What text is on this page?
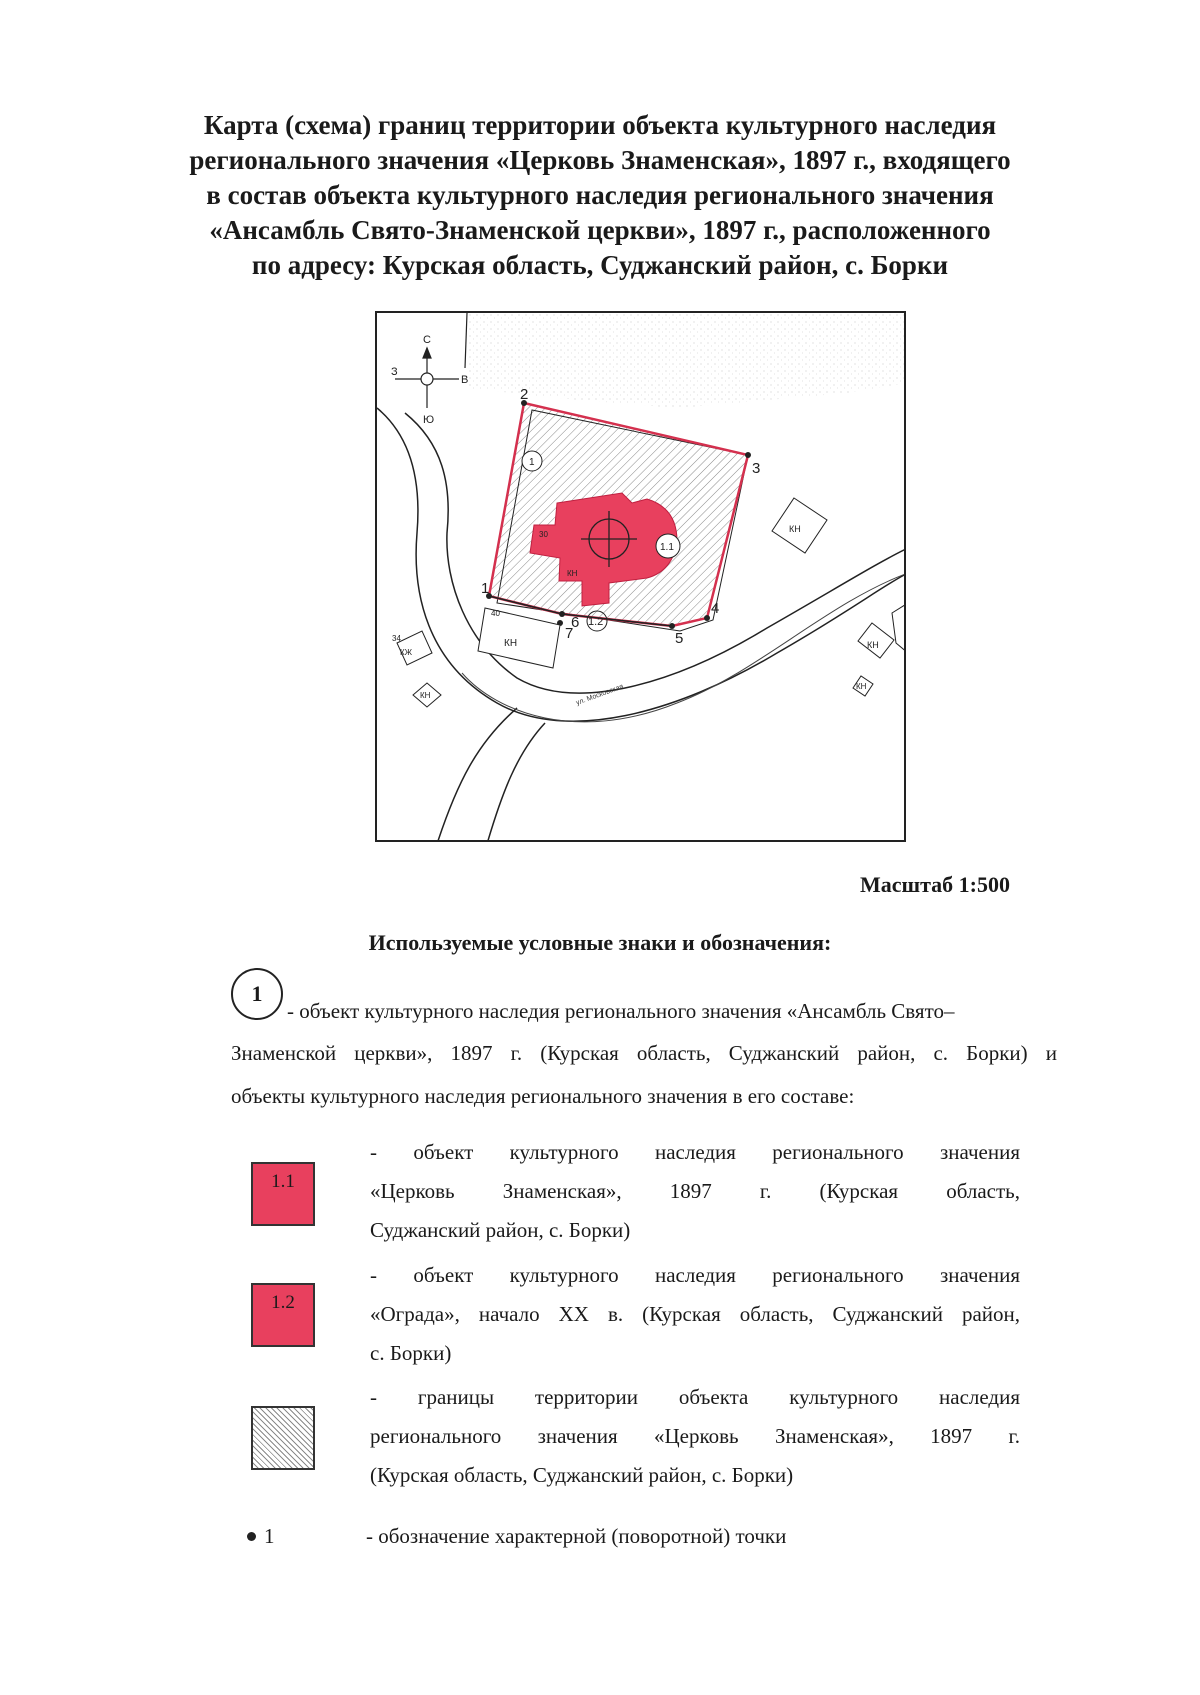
Карта (схема) границ территории объекта культурного наследия
регионального значения «Церковь Знаменская», 1897 г., входящего
в состав объекта культурного наследия регионального значения
«Ансамбль Свято-Знаменской церкви», 1897 г., расположенного
по адресу: Курская область, Суджанский район, с. Борки
С
Ю
З
В
1.1
1
30
КН
1.2
1
2
3
4
5
6
7
40
КН
КН
34
КЖ
КН
КН
КН
ул. Московская
Масштаб 1:500
Используемые условные знаки и обозначения:
1
- объект культурного наследия регионального значения «Ансамбль Свято–
Знаменской церкви», 1897 г. (Курская область, Суджанский район, с. Борки) и
объекты культурного наследия регионального значения в его составе:
1.1
- объект культурного наследия регионального значения
«Церковь Знаменская», 1897 г. (Курская область,
Суджанский район, с. Борки)
1.2
- объект культурного наследия регионального значения
«Ограда», начало XX в. (Курская область, Суджанский район,
с. Борки)
- границы территории объекта культурного наследия
регионального значения «Церковь Знаменская», 1897 г.
(Курская область, Суджанский район, с. Борки)
1	- обозначение характерной (поворотной) точки
